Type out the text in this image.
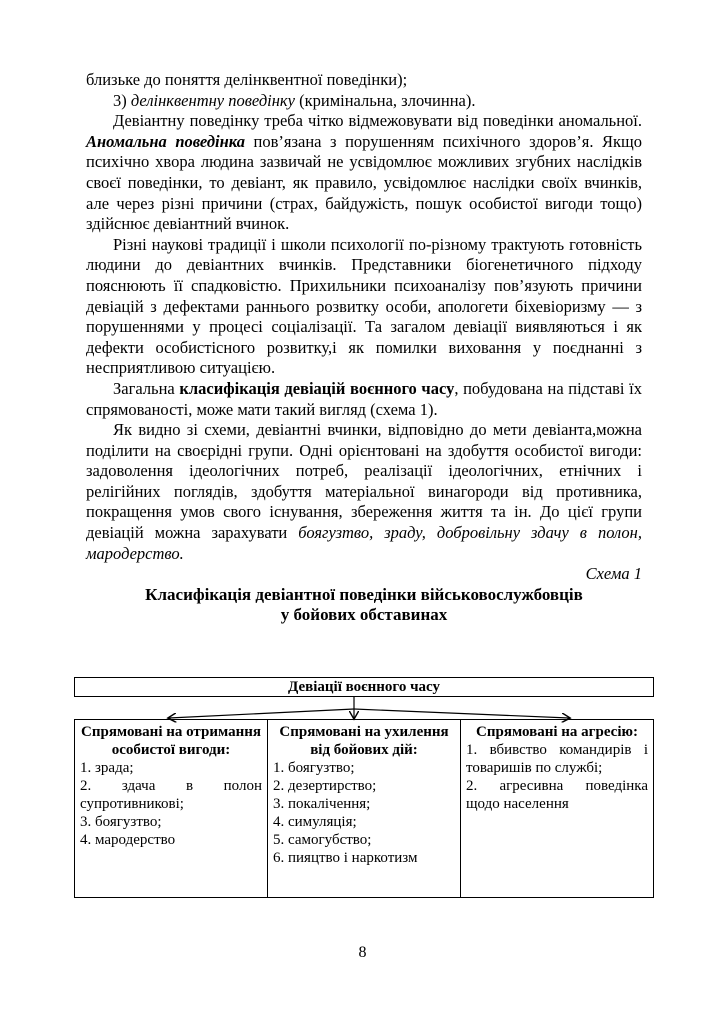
близьке до поняття делінквентної поведінки);

3) делінквентну поведінку (кримінальна, злочинна).

Девіантну поведінку треба чітко відмежовувати від поведінки аномальної. Аномальна поведінка пов’язана з порушенням психічного здоров’я. Якщо психічно хвора людина зазвичай не усвідомлює можливих згубних наслідків своєї поведінки, то девіант, як правило, усвідомлює наслідки своїх вчинків, але через різні причини (страх, байдужість, пошук особистої вигоди тощо) здійснює девіантний вчинок.

Різні наукові традиції і школи психології по-різному трактують готовність людини до девіантних вчинків. Представники біогенетичного підходу пояснюють її спадковістю. Прихильники психоаналізу пов’язують причини девіацій з дефектами раннього розвитку особи, апологети біхевіоризму — з порушеннями у процесі соціалізації. Та загалом девіації виявляються і як дефекти особистісного розвитку,і як помилки виховання у поєднанні з несприятливою ситуацією.

Загальна класифікація девіацій воєнного часу, побудована на підставі їх спрямованості, може мати такий вигляд (схема 1).

Як видно зі схеми, девіантні вчинки, відповідно до мети девіанта,можна поділити на своєрідні групи. Одні орієнтовані на здобуття особистої вигоди: задоволення ідеологічних потреб, реалізації ідеологічних, етнічних і релігійних поглядів, здобуття матеріальної винагороди від противника, покращення умов свого існування, збереження життя та ін. До цієї групи девіацій можна зарахувати боягузтво, зраду, добровільну здачу в полон, мародерство.

Схема 1

Класифікація девіантної поведінки військовослужбовців

у бойових обставинах

Девіації воєнного часу
Спрямовані на отримання особистої вигоди:
1. зрада;
2. здача в полон супротивникові;
3. боягузтво;
4. мародерство
Спрямовані на ухилення від бойових дій:
1. боягузтво;
2. дезертирство;
3. покалічення;
4. симуляція;
5. самогубство;
6. пияцтво і наркотизм
Спрямовані на агресію:
1. вбивство командирів і товаришів по службі;
2. агресивна поведінка щодо населення
8
